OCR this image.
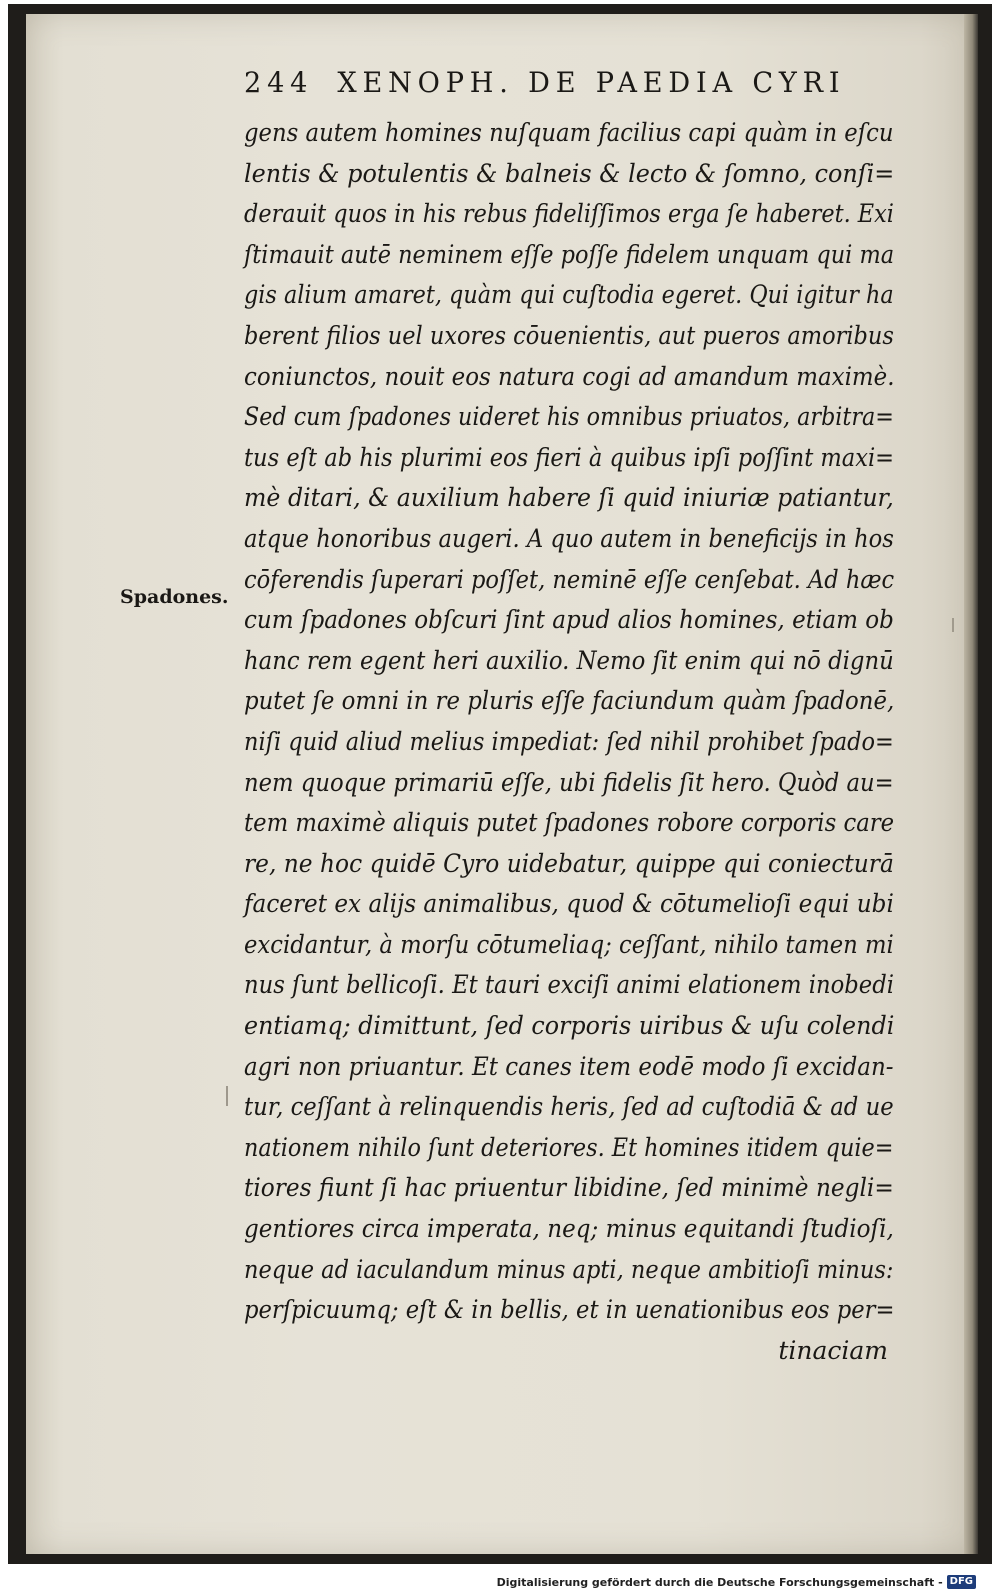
244 XENOPH. DE PAEDIA CYRI
Spadones.
gens autem homines nuſquam facilius capi quàm in eſcu
lentis & potulentis & balneis & lecto & ſomno, conſi=
derauit quos in his rebus fideliſſimos erga ſe haberet. Exi
ſtimauit autē neminem eſſe poſſe fidelem unquam qui ma
gis alium amaret, quàm qui cuſtodia egeret. Qui igitur ha
berent filios uel uxores cōuenientis, aut pueros amoribus
coniunctos, nouit eos natura cogi ad amandum maximè.
Sed cum ſpadones uideret his omnibus priuatos, arbitra=
tus eſt ab his plurimi eos fieri à quibus ipſi poſſint maxi=
mè ditari, & auxilium habere ſi quid iniuriæ patiantur,
atque honoribus augeri. A quo autem in beneficijs in hos
cōferendis ſuperari poſſet, neminē eſſe cenſebat. Ad hæc
cum ſpadones obſcuri ſint apud alios homines, etiam ob
hanc rem egent heri auxilio. Nemo ſit enim qui nō dignū
putet ſe omni in re pluris eſſe faciundum quàm ſpadonē,
niſi quid aliud melius impediat: ſed nihil prohibet ſpado=
nem quoque primariū eſſe, ubi fidelis ſit hero. Quòd au=
tem maximè aliquis putet ſpadones robore corporis care
re, ne hoc quidē Cyro uidebatur, quippe qui coniecturā
faceret ex alijs animalibus, quod & cōtumelioſi equi ubi
excidantur, à morſu cōtumeliaq; ceſſant, nihilo tamen mi
nus ſunt bellicoſi. Et tauri exciſi animi elationem inobedi
entiamq; dimittunt, ſed corporis uiribus & uſu colendi
agri non priuantur. Et canes item eodē modo ſi excidan-
tur, ceſſant à relinquendis heris, ſed ad cuſtodiā & ad ue
nationem nihilo ſunt deteriores. Et homines itidem quie=
tiores fiunt ſi hac priuentur libidine, ſed minimè negli=
gentiores circa imperata, neq; minus equitandi ſtudioſi,
neque ad iaculandum minus apti, neque ambitioſi minus:
perſpicuumq; eſt & in bellis, et in uenationibus eos per=
tinaciam
Digitalisierung gefördert durch die Deutsche Forschungsgemeinschaft - DFG
